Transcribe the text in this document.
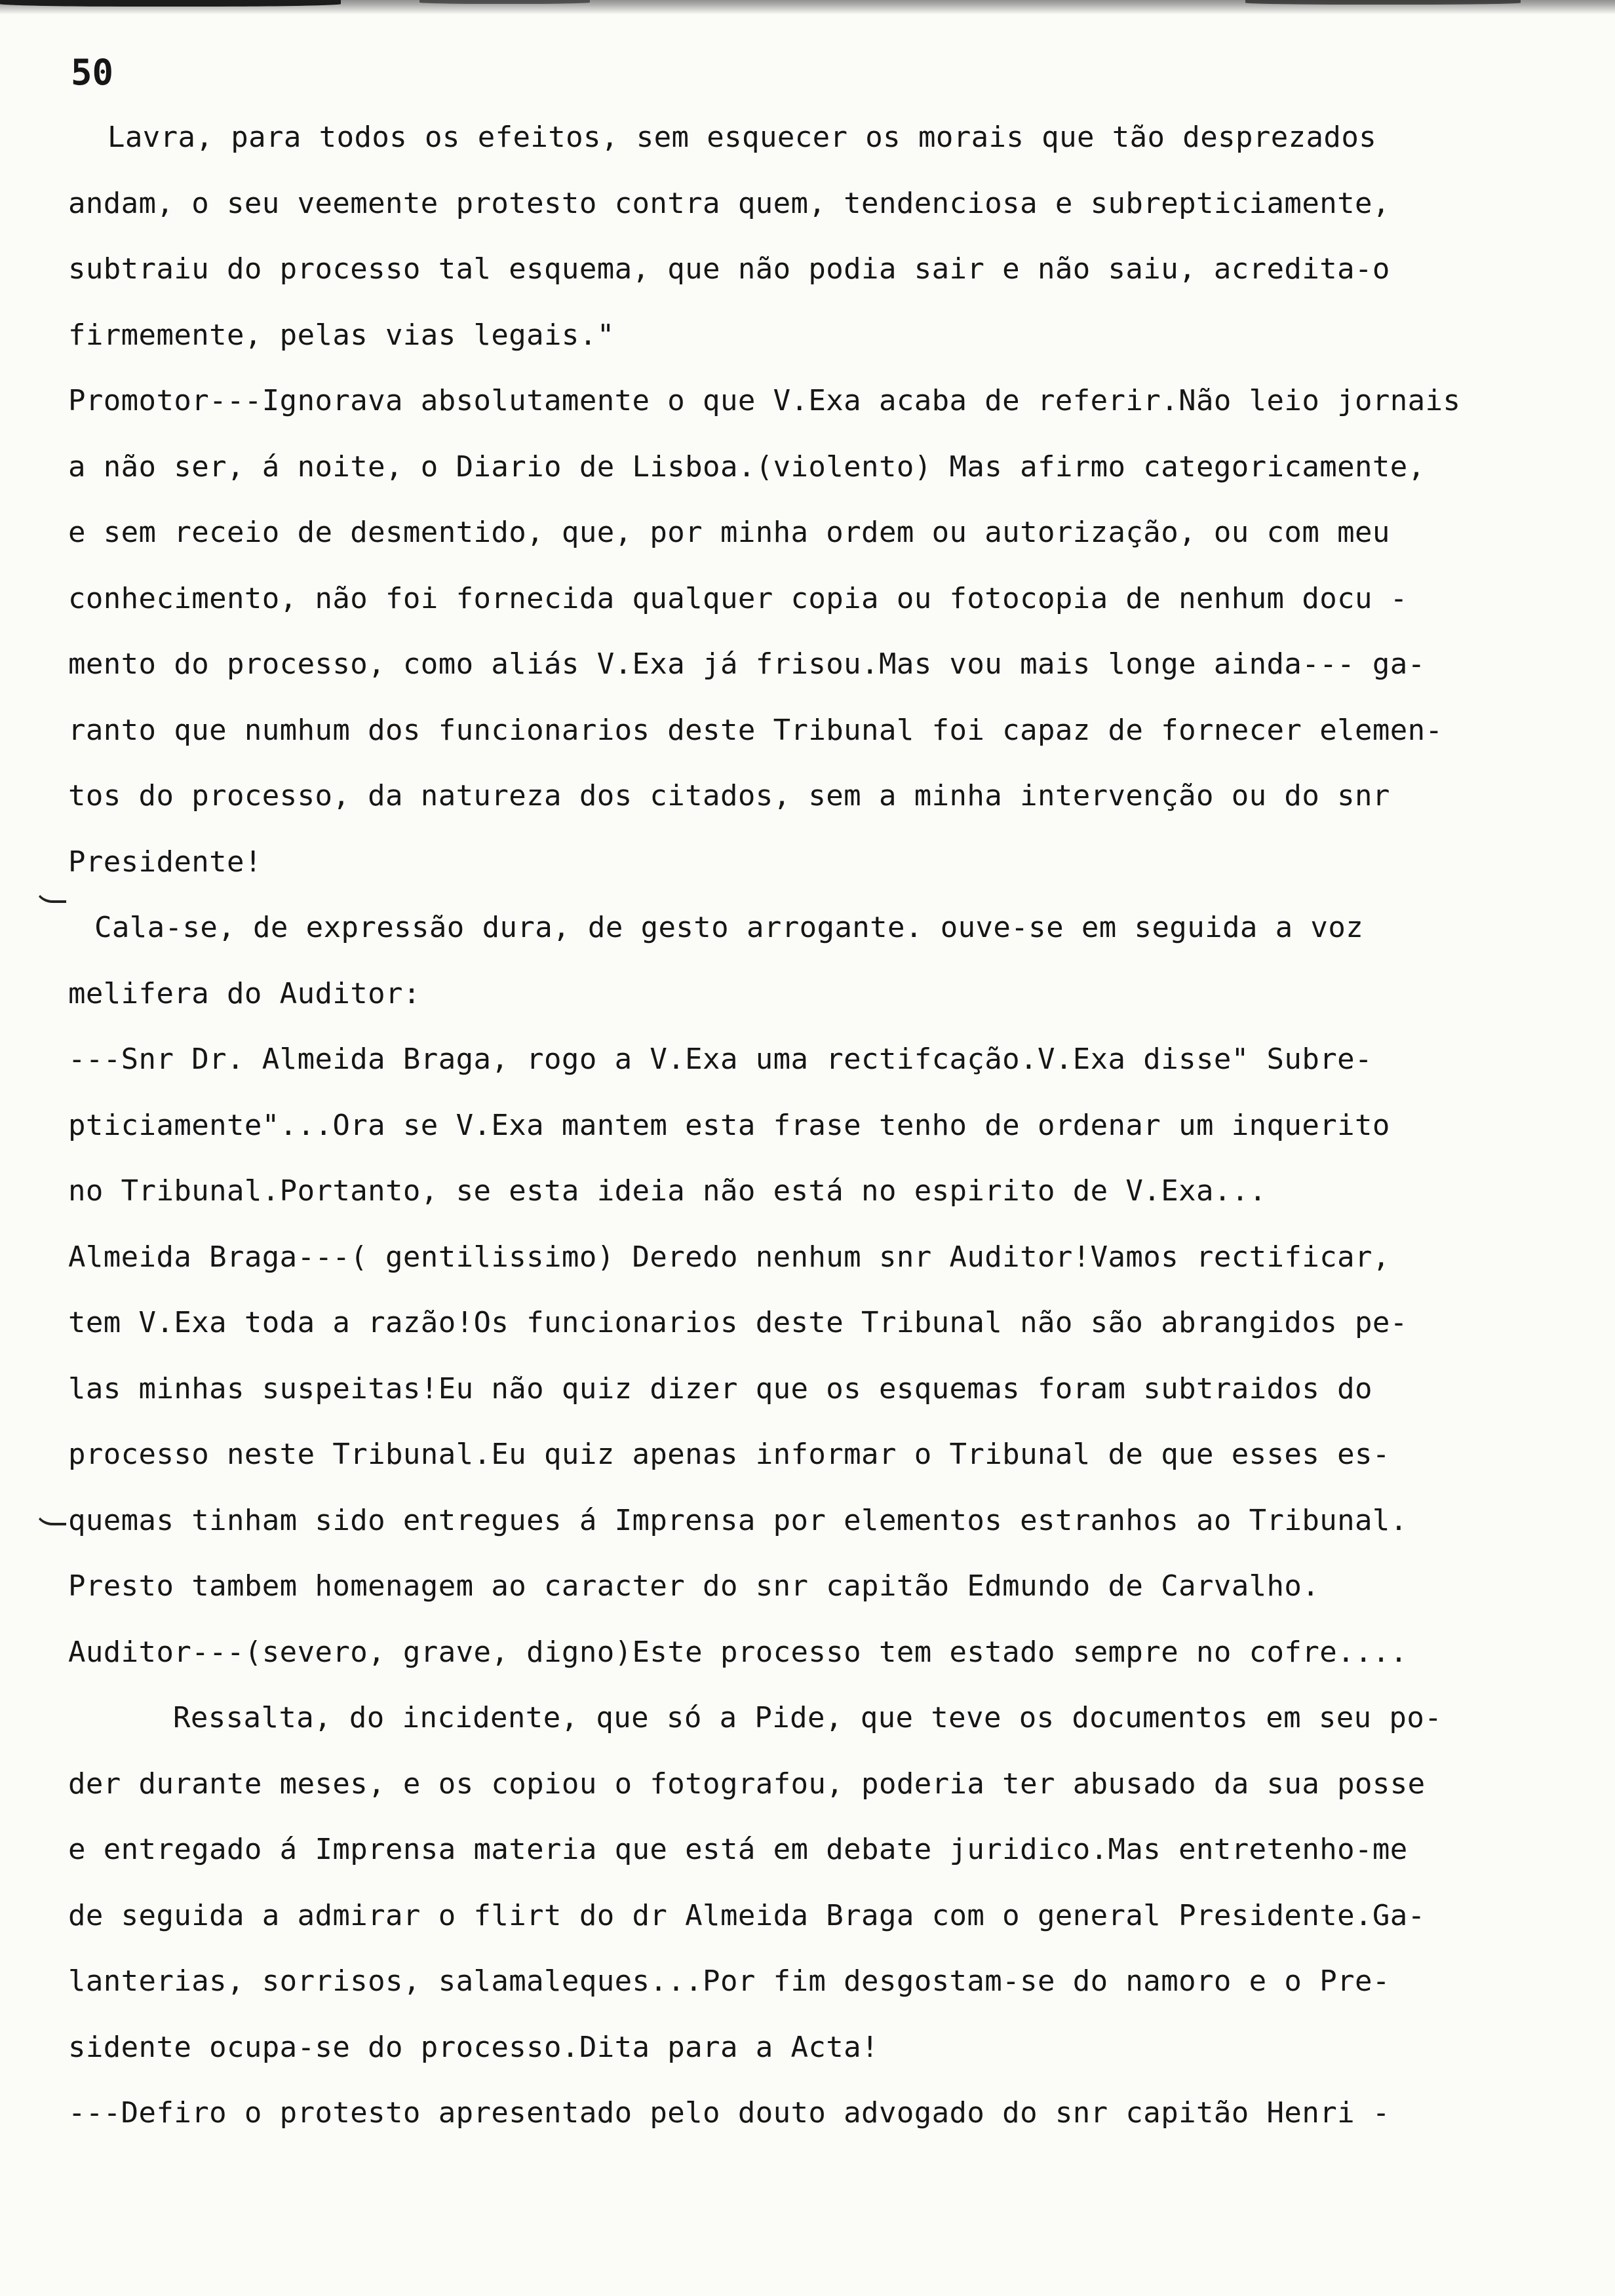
50
Lavra, para todos os efeitos, sem esquecer os morais que tão desprezados
andam, o seu veemente protesto contra quem, tendenciosa e subrepticiamente,
subtraiu do processo tal esquema, que não podia sair e não saiu, acredita-o
firmemente, pelas vias legais."
Promotor---Ignorava absolutamente o que V.Exa acaba de referir.Não leio jornais
a não ser, á noite, o Diario de Lisboa.(violento) Mas afirmo categoricamente,
e sem receio de desmentido, que, por minha ordem ou autorização, ou com meu
conhecimento, não foi fornecida qualquer copia ou fotocopia de nenhum docu -
mento do processo, como aliás V.Exa já frisou.Mas vou mais longe ainda--- ga-
ranto que numhum dos funcionarios deste Tribunal foi capaz de fornecer elemen-
tos do processo, da natureza dos citados, sem a minha intervenção ou do snr
Presidente!
Cala-se, de expressão dura, de gesto arrogante. ouve-se em seguida a voz
melifera do Auditor:
---Snr Dr. Almeida Braga, rogo a V.Exa uma rectifcação.V.Exa disse" Subre-
pticiamente"...Ora se V.Exa mantem esta frase tenho de ordenar um inquerito
no Tribunal.Portanto, se esta ideia não está no espirito de V.Exa...
Almeida Braga---( gentilissimo) Deredo nenhum snr Auditor!Vamos rectificar,
tem V.Exa toda a razão!Os funcionarios deste Tribunal não são abrangidos pe-
las minhas suspeitas!Eu não quiz dizer que os esquemas foram subtraidos do
processo neste Tribunal.Eu quiz apenas informar o Tribunal de que esses es-
quemas tinham sido entregues á Imprensa por elementos estranhos ao Tribunal.
Presto tambem homenagem ao caracter do snr capitão Edmundo de Carvalho.
Auditor---(severo, grave, digno)Este processo tem estado sempre no cofre....
Ressalta, do incidente, que só a Pide, que teve os documentos em seu po-
der durante meses, e os copiou o fotografou, poderia ter abusado da sua posse
e entregado á Imprensa materia que está em debate juridico.Mas entretenho-me
de seguida a admirar o flirt do dr Almeida Braga com o general Presidente.Ga-
lanterias, sorrisos, salamaleques...Por fim desgostam-se do namoro e o Pre-
sidente ocupa-se do processo.Dita para a Acta!
---Defiro o protesto apresentado pelo douto advogado do snr capitão Henri -
